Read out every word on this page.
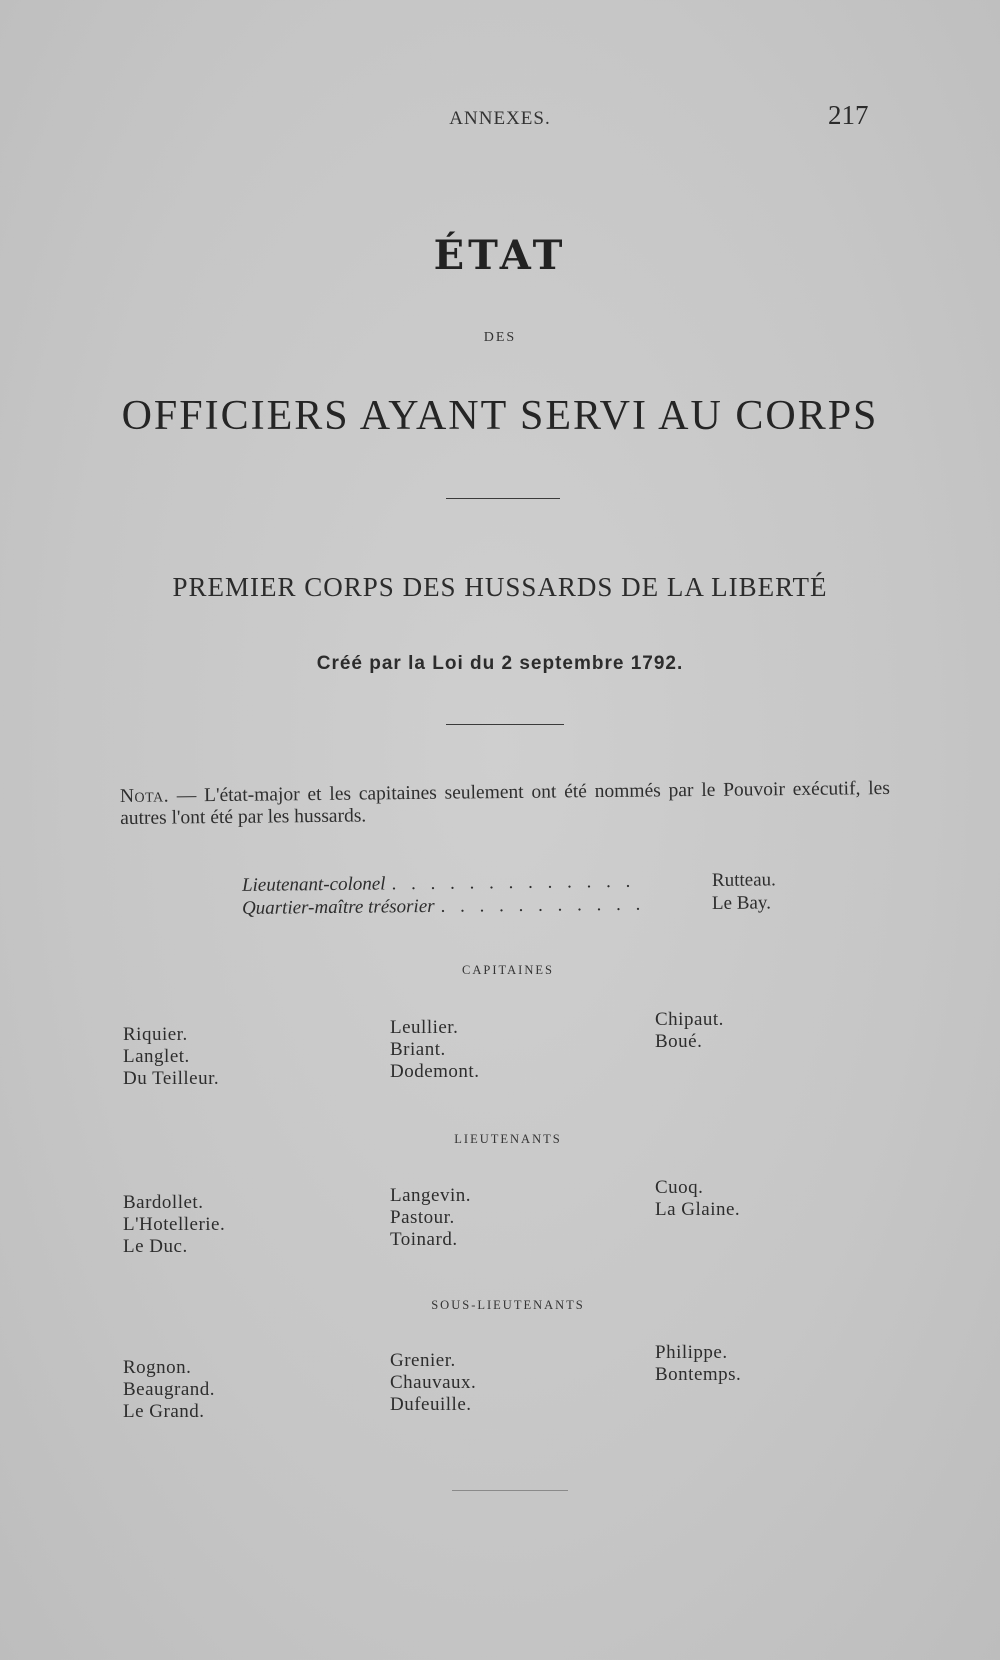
ANNEXES.	217
ÉTAT
DES
OFFICIERS AYANT SERVI AU CORPS
PREMIER CORPS DES HUSSARDS DE LA LIBERTÉ
Créé par la Loi du 2 septembre 1792.
Nota. — L'état-major et les capitaines seulement ont été nommés par le Pouvoir exécutif, les autres l'ont été par les hussards.
Lieutenant-colonel . . . . . . . . . . . . .	Rutteau.
Quartier-maître trésorier . . . . . . . . . . .	Le Bay.
CAPITAINES
Riquier.
Langlet.
Du Teilleur.
Leullier.
Briant.
Dodemont.
Chipaut.
Boué.
LIEUTENANTS
Bardollet.
L'Hotellerie.
Le Duc.
Langevin.
Pastour.
Toinard.
Cuoq.
La Glaine.
SOUS-LIEUTENANTS
Rognon.
Beaugrand.
Le Grand.
Grenier.
Chauvaux.
Dufeuille.
Philippe.
Bontemps.
